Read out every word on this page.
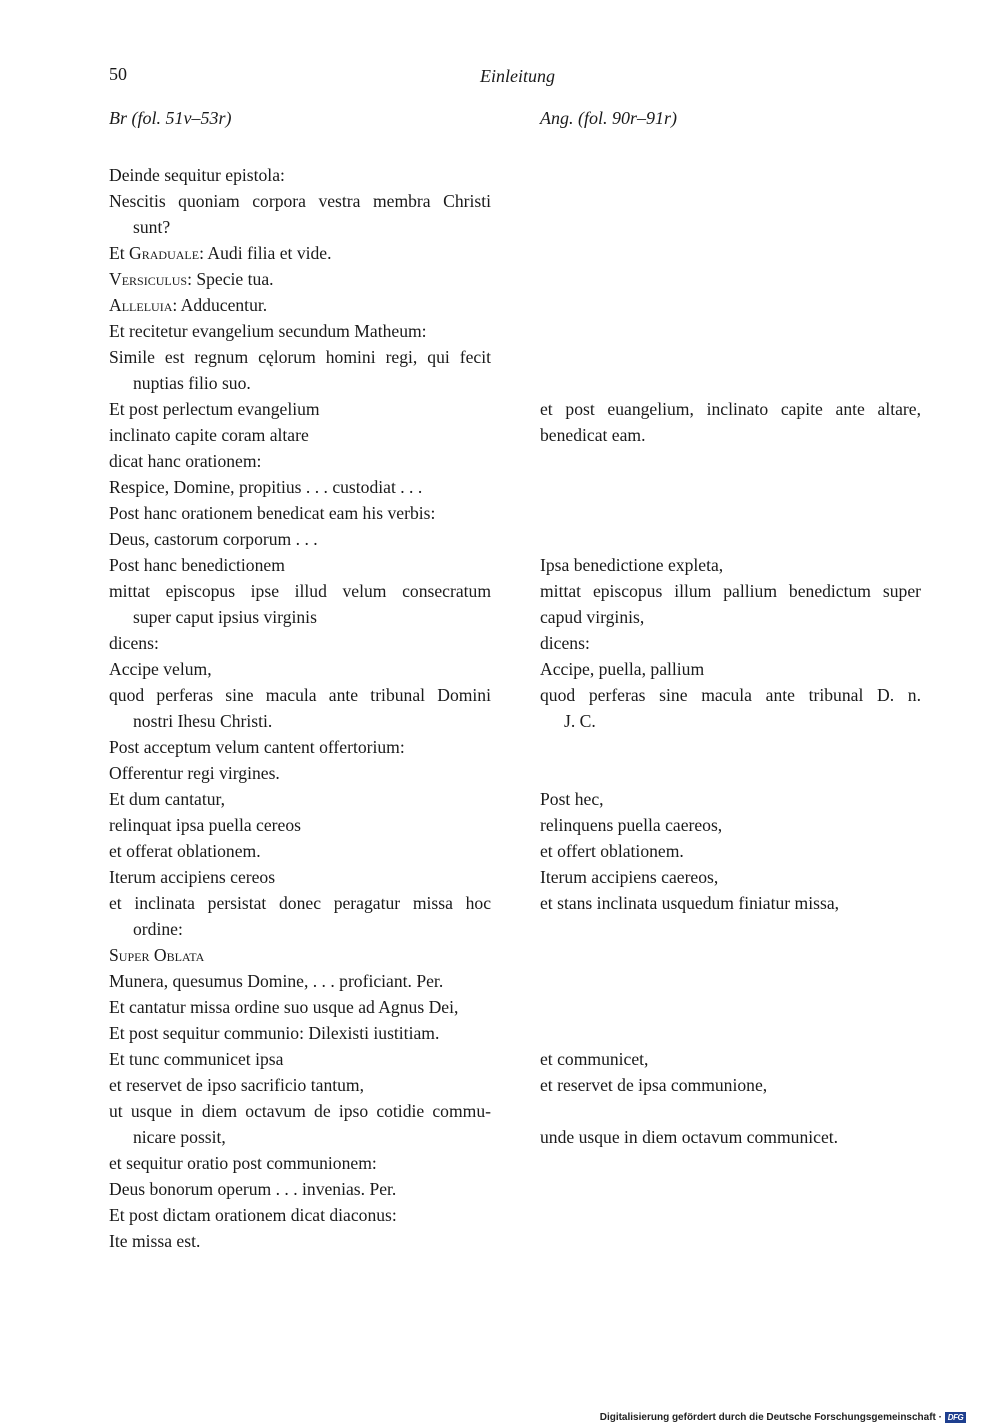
50	Einleitung
Br (fol. 51v–53r)	Ang. (fol. 90r–91r)
Deinde sequitur epistola:
Nescitis quoniam corpora vestra membra Christi
sunt?
Et Graduale: Audi filia et vide.
Versiculus: Specie tua.
Alleluia: Adducentur.
Et recitetur evangelium secundum Matheum:
Simile est regnum cęlorum homini regi, qui fecit
nuptias filio suo.
Et post perlectum evangelium
inclinato capite coram altare
dicat hanc orationem:
Respice, Domine, propitius . . . custodiat . . .
Post hanc orationem benedicat eam his verbis:
Deus, castorum corporum . . .
Post hanc benedictionem
mittat episcopus ipse illud velum consecratum
super caput ipsius virginis
dicens:
Accipe velum,
quod perferas sine macula ante tribunal Domini
nostri Ihesu Christi.
Post acceptum velum cantent offertorium:
Offerentur regi virgines.
Et dum cantatur,
relinquat ipsa puella cereos
et offerat oblationem.
Iterum accipiens cereos
et inclinata persistat donec peragatur missa hoc
ordine:
Super Oblata
Munera, quesumus Domine, . . . proficiant. Per.
Et cantatur missa ordine suo usque ad Agnus Dei,
Et post sequitur communio: Dilexisti iustitiam.
Et tunc communicet ipsa
et reservet de ipso sacrificio tantum,
ut usque in diem octavum de ipso cotidie commu-
nicare possit,
et sequitur oratio post communionem:
Deus bonorum operum . . . invenias. Per.
Et post dictam orationem dicat diaconus:
Ite missa est.
et post euangelium, inclinato capite ante altare,
benedicat eam.
Ipsa benedictione expleta,
mittat episcopus illum pallium benedictum super
capud virginis,
dicens:
Accipe, puella, pallium
quod perferas sine macula ante tribunal D. n.
J. C.
Post hec,
relinquens puella caereos,
et offert oblationem.
Iterum accipiens caereos,
et stans inclinata usquedum finiatur missa,
et communicet,
et reservet de ipsa communione,
unde usque in diem octavum communicet.
Digitalisierung gefördert durch die Deutsche Forschungsgemeinschaft · DFG
